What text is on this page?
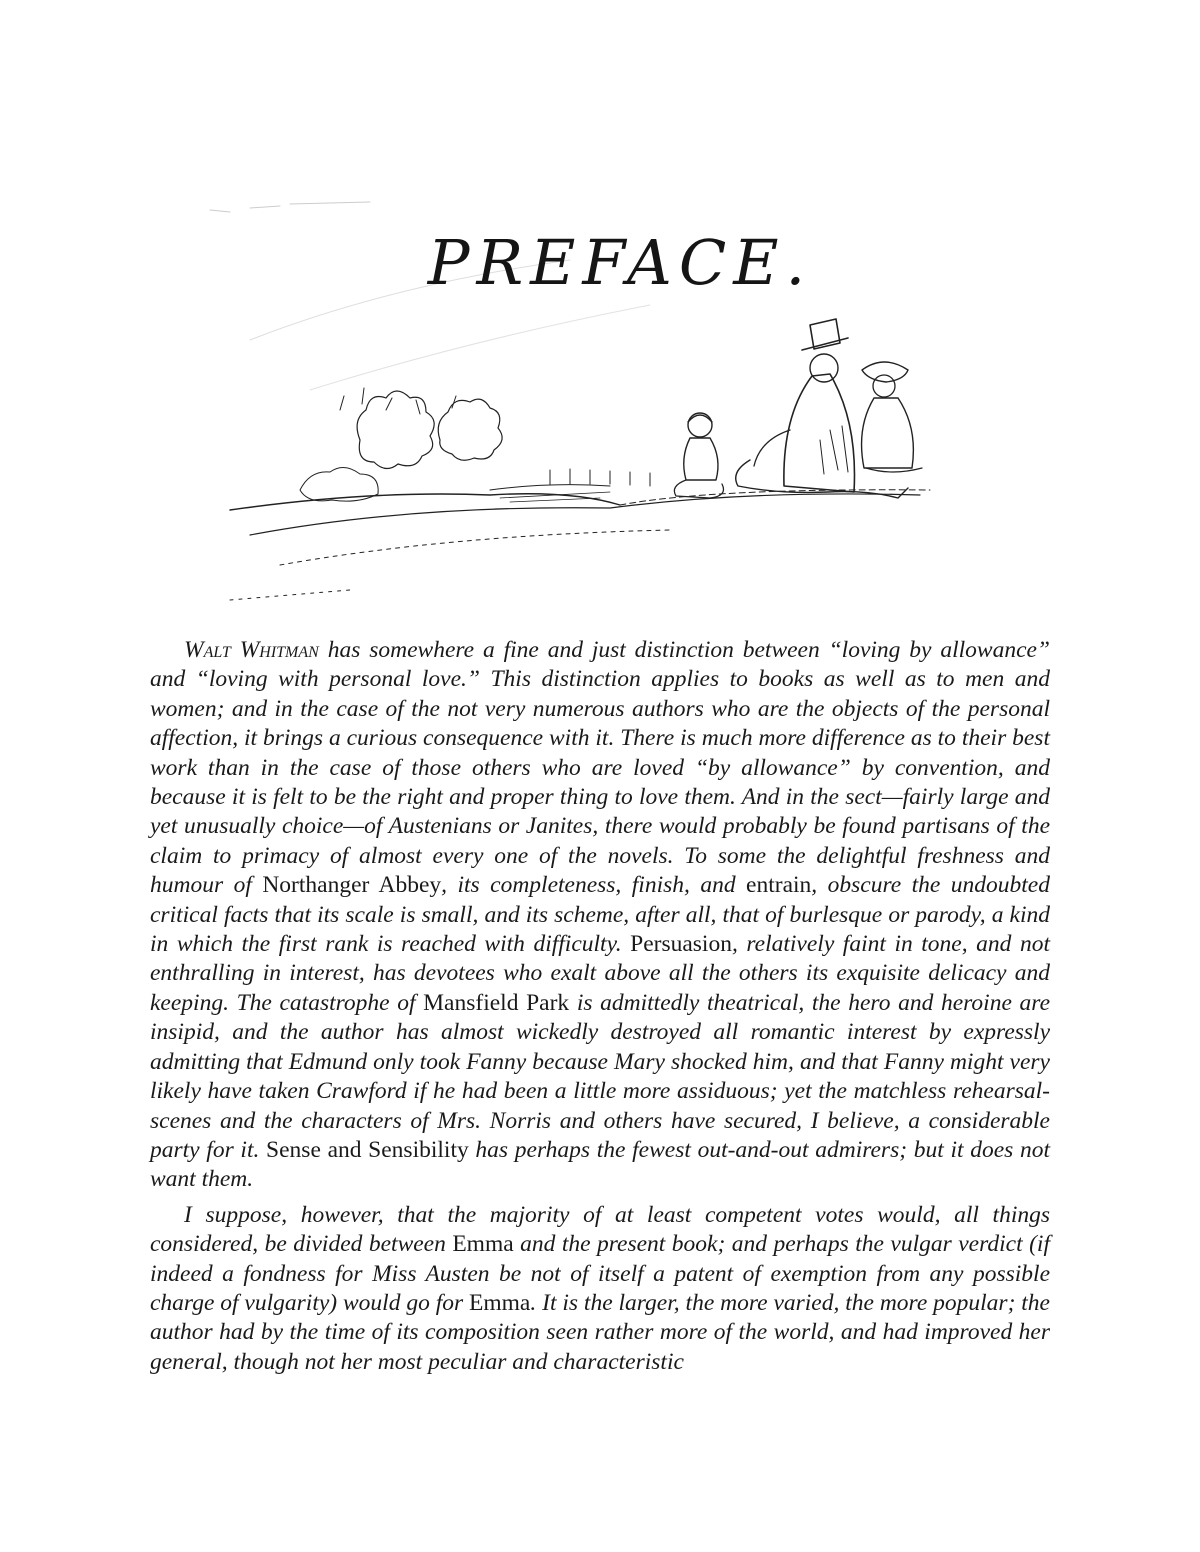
PREFACE.

Walt Whitman has somewhere a fine and just distinction between “loving by allowance” and “loving with personal love.” This distinction applies to books as well as to men and women; and in the case of the not very numerous authors who are the objects of the personal affection, it brings a curious consequence with it. There is much more difference as to their best work than in the case of those others who are loved “by allowance” by convention, and because it is felt to be the right and proper thing to love them. And in the sect—fairly large and yet unusually choice—of Austenians or Janites, there would probably be found partisans of the claim to primacy of almost every one of the novels. To some the delightful freshness and humour of Northanger Abbey, its completeness, finish, and entrain, obscure the undoubted critical facts that its scale is small, and its scheme, after all, that of burlesque or parody, a kind in which the first rank is reached with difficulty. Persuasion, relatively faint in tone, and not enthralling in interest, has devotees who exalt above all the others its exquisite delicacy and keeping. The catastrophe of Mansfield Park is admittedly theatrical, the hero and heroine are insipid, and the author has almost wickedly destroyed all romantic interest by expressly admitting that Edmund only took Fanny because Mary shocked him, and that Fanny might very likely have taken Crawford if he had been a little more assiduous; yet the matchless rehearsal-scenes and the characters of Mrs. Norris and others have secured, I believe, a considerable party for it. Sense and Sensibility has perhaps the fewest out-and-out admirers; but it does not want them.

I suppose, however, that the majority of at least competent votes would, all things considered, be divided between Emma and the present book; and perhaps the vulgar verdict (if indeed a fondness for Miss Austen be not of itself a patent of exemption from any possible charge of vulgarity) would go for Emma. It is the larger, the more varied, the more popular; the author had by the time of its composition seen rather more of the world, and had improved her general, though not her most peculiar and characteristic
